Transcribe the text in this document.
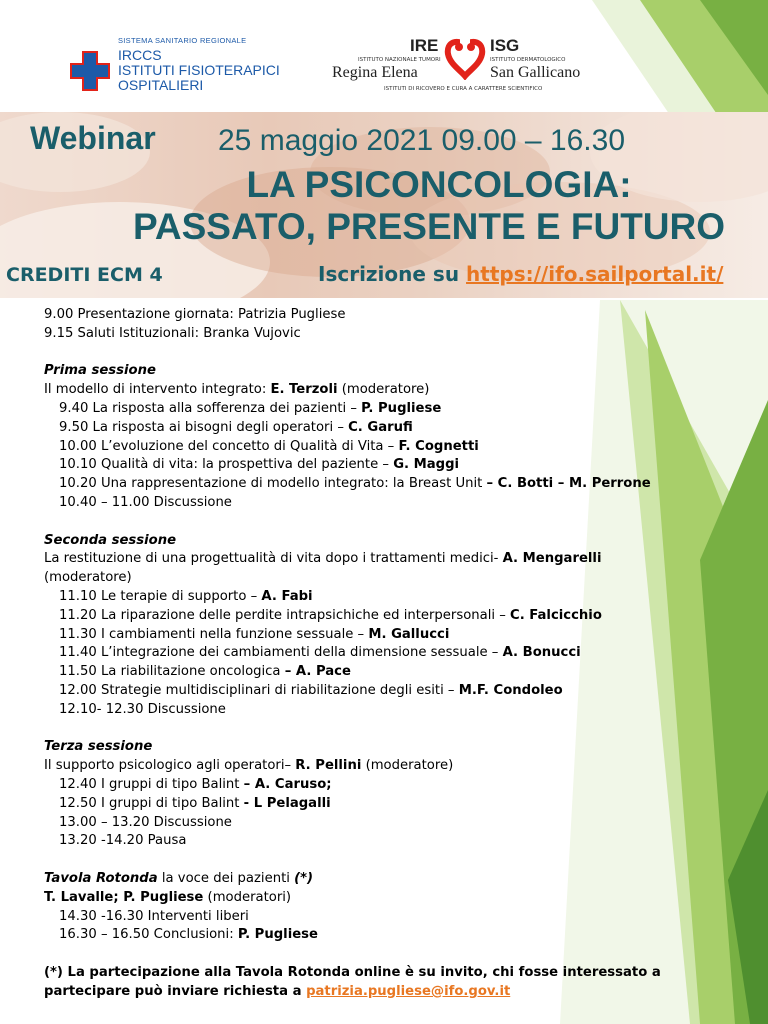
SISTEMA SANITARIO REGIONALE
IRCCS
ISTITUTI FISIOTERAPICI
OSPITALIERI
IRE	ISG
ISTITUTO NAZIONALE TUMORI	ISTITUTO DERMATOLOGICO
Regina Elena	San Gallicano
ISTITUTI DI RICOVERO E CURA A CARATTERE SCIENTIFICO
Webinar 25 maggio 2021 09.00 – 16.30
LA PSICONCOLOGIA:
PASSATO, PRESENTE E FUTURO
CREDITI ECM 4	Iscrizione su https://ifo.sailportal.it/
9.00 Presentazione giornata: Patrizia Pugliese
9.15 Saluti Istituzionali: Branka Vujovic
Prima sessione
Il modello di intervento integrato: E. Terzoli (moderatore)
9.40 La risposta alla sofferenza dei pazienti – P. Pugliese
9.50 La risposta ai bisogni degli operatori – C. Garufi
10.00 L’evoluzione del concetto di Qualità di Vita – F. Cognetti
10.10 Qualità di vita: la prospettiva del paziente – G. Maggi
10.20 Una rappresentazione di modello integrato: la Breast Unit – C. Botti – M. Perrone
10.40 – 11.00 Discussione
Seconda sessione
La restituzione di una progettualità di vita dopo i trattamenti medici- A. Mengarelli
(moderatore)
11.10 Le terapie di supporto – A. Fabi
11.20 La riparazione delle perdite intrapsichiche ed interpersonali – C. Falcicchio
11.30 I cambiamenti nella funzione sessuale – M. Gallucci
11.40 L’integrazione dei cambiamenti della dimensione sessuale – A. Bonucci
11.50 La riabilitazione oncologica – A. Pace
12.00 Strategie multidisciplinari di riabilitazione degli esiti – M.F. Condoleo
12.10- 12.30 Discussione
Terza sessione
Il supporto psicologico agli operatori– R. Pellini (moderatore)
12.40 I gruppi di tipo Balint – A. Caruso;
12.50 I gruppi di tipo Balint - L Pelagalli
13.00 – 13.20 Discussione
13.20 -14.20 Pausa
Tavola Rotonda la voce dei pazienti (*)
T. Lavalle; P. Pugliese (moderatori)
14.30 -16.30 Interventi liberi
16.30 – 16.50 Conclusioni: P. Pugliese
(*) La partecipazione alla Tavola Rotonda online è su invito, chi fosse interessato a
partecipare può inviare richiesta a patrizia.pugliese@ifo.gov.it
